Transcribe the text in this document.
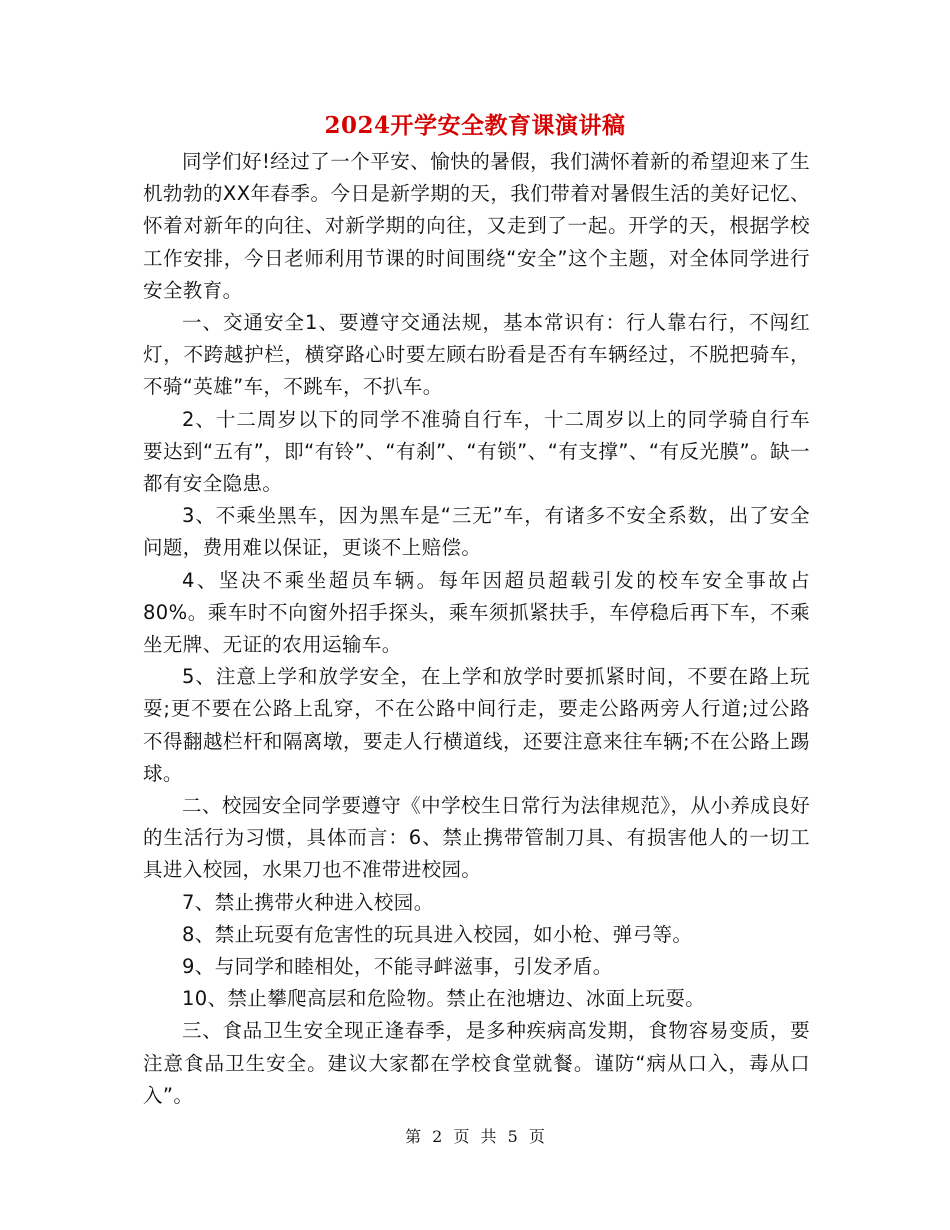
2024开学安全教育课演讲稿

同学们好!经过了一个平安、愉快的暑假，我们满怀着新的希望迎来了生机勃勃的XX年春季。今日是新学期的天，我们带着对暑假生活的美好记忆、怀着对新年的向往、对新学期的向往，又走到了一起。开学的天，根据学校工作安排，今日老师利用节课的时间围绕“安全”这个主题，对全体同学进行安全教育。

一、交通安全1、要遵守交通法规，基本常识有：行人靠右行，不闯红灯，不跨越护栏，横穿路心时要左顾右盼看是否有车辆经过，不脱把骑车，不骑“英雄”车，不跳车，不扒车。

2、十二周岁以下的同学不准骑自行车，十二周岁以上的同学骑自行车要达到“五有”，即“有铃”、“有刹”、“有锁”、“有支撑”、“有反光膜”。缺一都有安全隐患。

3、不乘坐黑车，因为黑车是“三无”车，有诸多不安全系数，出了安全问题，费用难以保证，更谈不上赔偿。

4、坚决不乘坐超员车辆。每年因超员超载引发的校车安全事故占80%。乘车时不向窗外招手探头，乘车须抓紧扶手，车停稳后再下车，不乘坐无牌、无证的农用运输车。

5、注意上学和放学安全，在上学和放学时要抓紧时间，不要在路上玩耍;更不要在公路上乱穿，不在公路中间行走，要走公路两旁人行道;过公路不得翻越栏杆和隔离墩，要走人行横道线，还要注意来往车辆;不在公路上踢球。

二、校园安全同学要遵守《中学校生日常行为法律规范》，从小养成良好的生活行为习惯，具体而言：6、禁止携带管制刀具、有损害他人的一切工具进入校园，水果刀也不准带进校园。

7、禁止携带火种进入校园。

8、禁止玩耍有危害性的玩具进入校园，如小枪、弹弓等。

9、与同学和睦相处，不能寻衅滋事，引发矛盾。

10、禁止攀爬高层和危险物。禁止在池塘边、冰面上玩耍。

三、食品卫生安全现正逢春季，是多种疾病高发期，食物容易变质，要注意食品卫生安全。建议大家都在学校食堂就餐。谨防“病从口入，毒从口入”。

第 2 页 共 5 页
